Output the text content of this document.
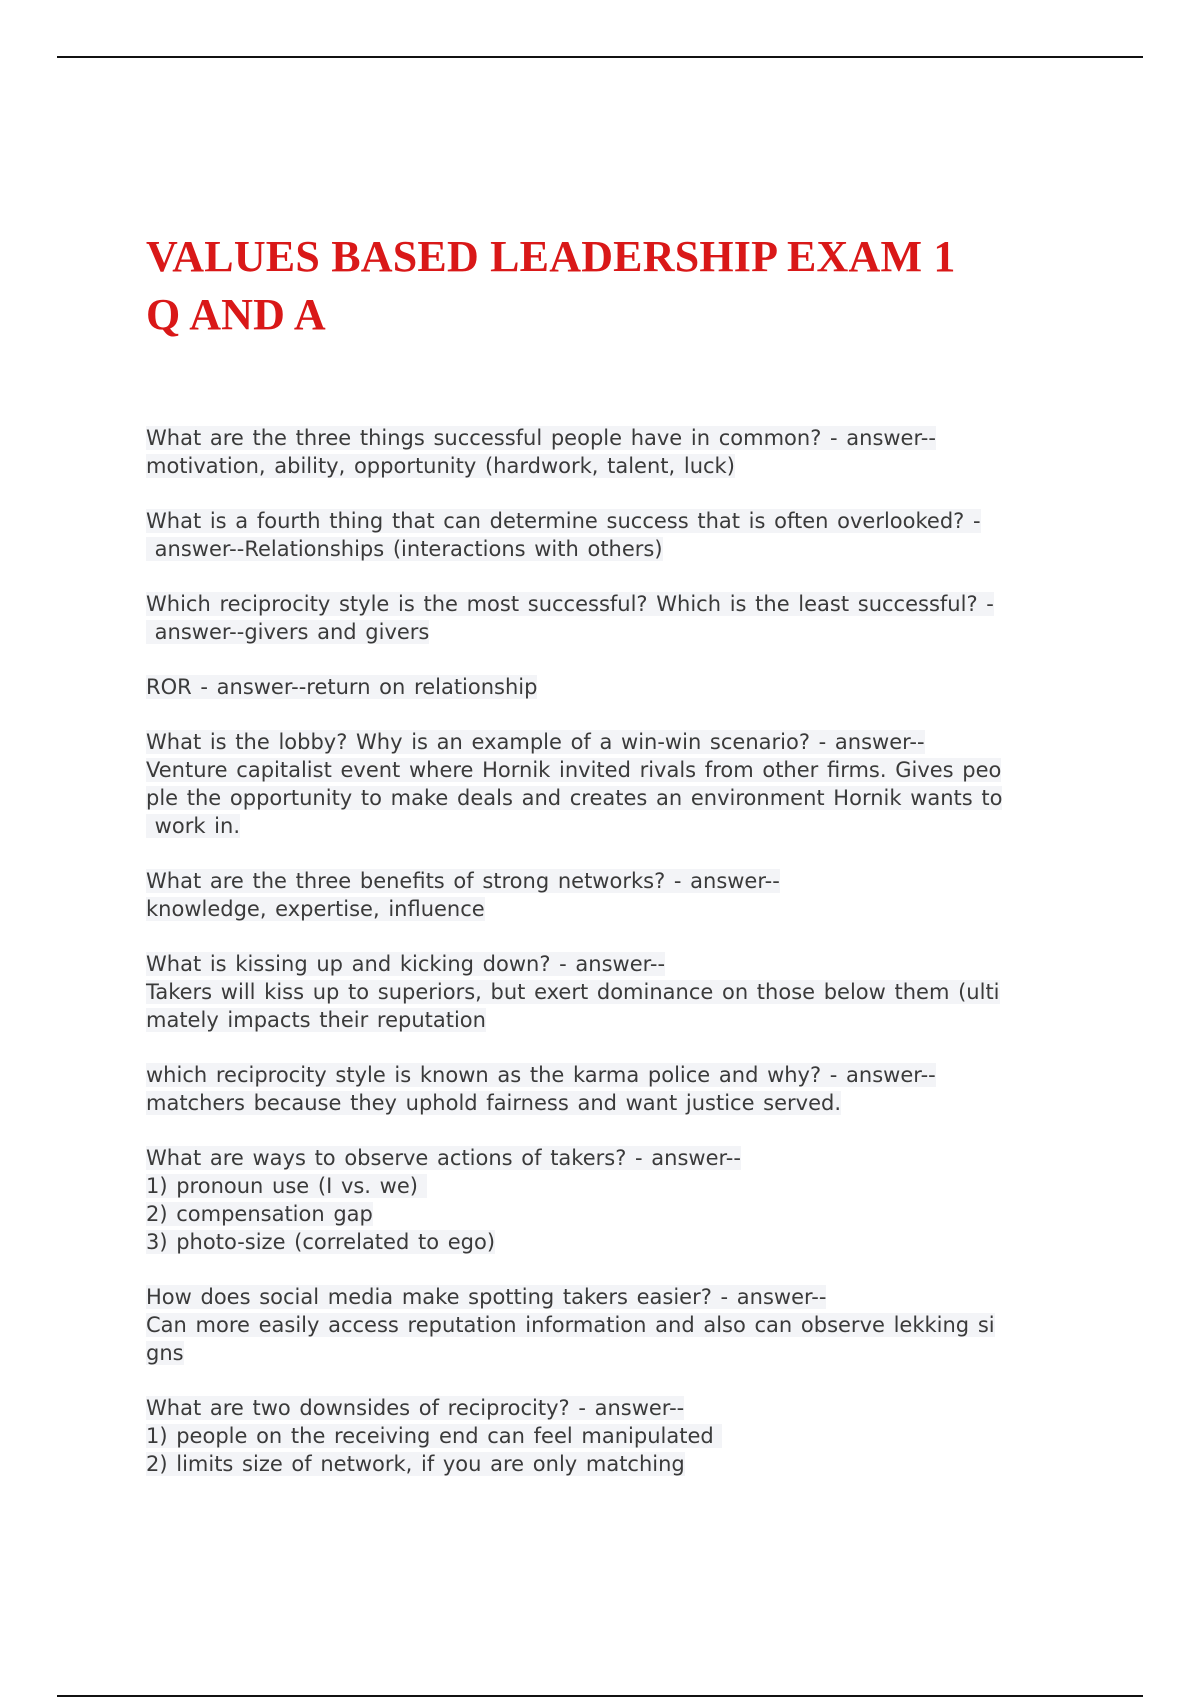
VALUES BASED LEADERSHIP EXAM 1
Q AND A
What are the three things successful people have in common? - answer--
motivation, ability, opportunity (hardwork, talent, luck)
What is a fourth thing that can determine success that is often overlooked? -
answer--Relationships (interactions with others)
Which reciprocity style is the most successful? Which is the least successful? -
answer--givers and givers
ROR - answer--return on relationship
What is the lobby? Why is an example of a win-win scenario? - answer--
Venture capitalist event where Hornik invited rivals from other firms. Gives peo
ple the opportunity to make deals and creates an environment Hornik wants to
work in.
What are the three benefits of strong networks? - answer--
knowledge, expertise, influence
What is kissing up and kicking down? - answer--
Takers will kiss up to superiors, but exert dominance on those below them (ulti
mately impacts their reputation
which reciprocity style is known as the karma police and why? - answer--
matchers because they uphold fairness and want justice served.
What are ways to observe actions of takers? - answer--
1) pronoun use (I vs. we)
2) compensation gap
3) photo-size (correlated to ego)
How does social media make spotting takers easier? - answer--
Can more easily access reputation information and also can observe lekking si
gns
What are two downsides of reciprocity? - answer--
1) people on the receiving end can feel manipulated
2) limits size of network, if you are only matching
